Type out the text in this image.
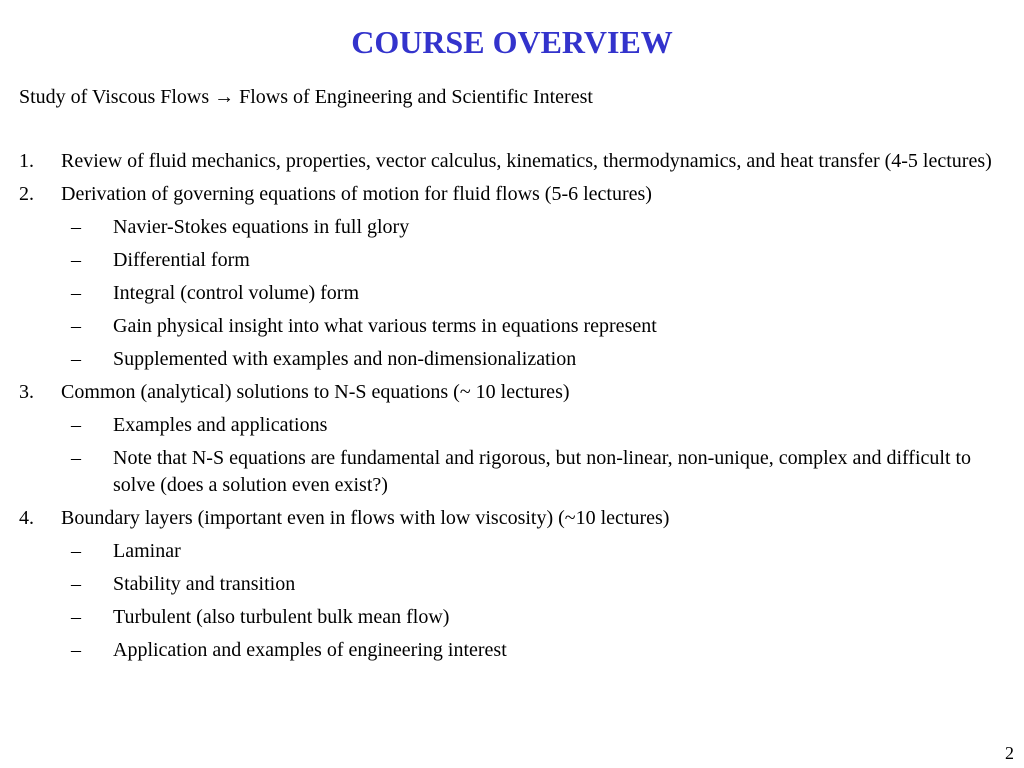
COURSE OVERVIEW

Study of Viscous Flows → Flows of Engineering and Scientific Interest

1. Review of fluid mechanics, properties, vector calculus, kinematics, thermodynamics, and heat transfer (4-5 lectures)
2. Derivation of governing equations of motion for fluid flows (5-6 lectures)
– Navier-Stokes equations in full glory
– Differential form
– Integral (control volume) form
– Gain physical insight into what various terms in equations represent
– Supplemented with examples and non-dimensionalization
3. Common (analytical) solutions to N-S equations (~ 10 lectures)
– Examples and applications
– Note that N-S equations are fundamental and rigorous, but non-linear, non-unique, complex and difficult to solve (does a solution even exist?)
4. Boundary layers (important even in flows with low viscosity) (~10 lectures)
– Laminar
– Stability and transition
– Turbulent (also turbulent bulk mean flow)
– Application and examples of engineering interest
2
